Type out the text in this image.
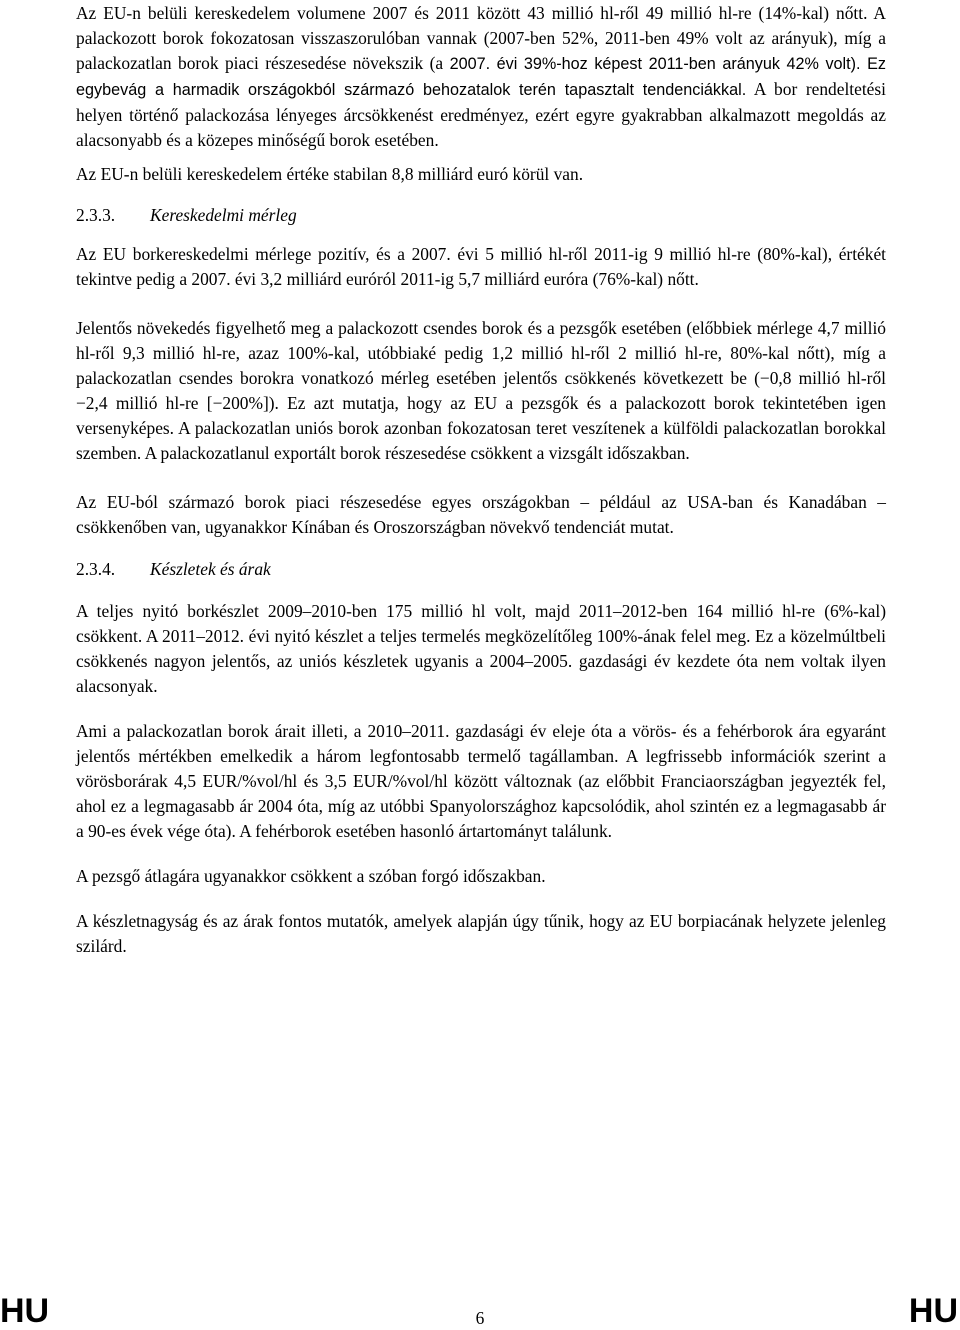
Az EU-n belüli kereskedelem volumene 2007 és 2011 között 43 millió hl-ről 49 millió hl-re (14%-kal) nőtt. A palackozott borok fokozatosan visszaszorulóban vannak (2007-ben 52%, 2011-ben 49% volt az arányuk), míg a palackozatlan borok piaci részesedése növekszik (a 2007. évi 39%-hoz képest 2011-ben arányuk 42% volt). Ez egybevág a harmadik országokból származó behozatalok terén tapasztalt tendenciákkal. A bor rendeltetési helyen történő palackozása lényeges árcsökkenést eredményez, ezért egyre gyakrabban alkalmazott megoldás az alacsonyabb és a közepes minőségű borok esetében.

Az EU-n belüli kereskedelem értéke stabilan 8,8 milliárd euró körül van.

2.3.3.	Kereskedelmi mérleg

Az EU borkereskedelmi mérlege pozitív, és a 2007. évi 5 millió hl-ről 2011-ig 9 millió hl-re (80%-kal), értékét tekintve pedig a 2007. évi 3,2 milliárd euróról 2011-ig 5,7 milliárd euróra (76%-kal) nőtt.

Jelentős növekedés figyelhető meg a palackozott csendes borok és a pezsgők esetében (előbbiek mérlege 4,7 millió hl-ről 9,3 millió hl-re, azaz 100%-kal, utóbbiaké pedig 1,2 millió hl-ről 2 millió hl-re, 80%-kal nőtt), míg a palackozatlan csendes borokra vonatkozó mérleg esetében jelentős csökkenés következett be (−0,8 millió hl-ről −2,4 millió hl-re [−200%]). Ez azt mutatja, hogy az EU a pezsgők és a palackozott borok tekintetében igen versenyképes. A palackozatlan uniós borok azonban fokozatosan teret veszítenek a külföldi palackozatlan borokkal szemben. A palackozatlanul exportált borok részesedése csökkent a vizsgált időszakban.

Az EU-ból származó borok piaci részesedése egyes országokban – például az USA-ban és Kanadában – csökkenőben van, ugyanakkor Kínában és Oroszországban növekvő tendenciát mutat.

2.3.4.	Készletek és árak

A teljes nyitó borkészlet 2009–2010-ben 175 millió hl volt, majd 2011–2012-ben 164 millió hl-re (6%-kal) csökkent. A 2011–2012. évi nyitó készlet a teljes termelés megközelítőleg 100%-ának felel meg. Ez a közelmúltbeli csökkenés nagyon jelentős, az uniós készletek ugyanis a 2004–2005. gazdasági év kezdete óta nem voltak ilyen alacsonyak.

Ami a palackozatlan borok árait illeti, a 2010–2011. gazdasági év eleje óta a vörös- és a fehérborok ára egyaránt jelentős mértékben emelkedik a három legfontosabb termelő tagállamban. A legfrissebb információk szerint a vörösborárak 4,5 EUR/%vol/hl és 3,5 EUR/%vol/hl között változnak (az előbbit Franciaországban jegyezték fel, ahol ez a legmagasabb ár 2004 óta, míg az utóbbi Spanyolországhoz kapcsolódik, ahol szintén ez a legmagasabb ár a 90-es évek vége óta). A fehérborok esetében hasonló ártartományt találunk.

A pezsgő átlagára ugyanakkor csökkent a szóban forgó időszakban.

A készletnagyság és az árak fontos mutatók, amelyek alapján úgy tűnik, hogy az EU borpiacának helyzete jelenleg szilárd.

HU	6	HU
